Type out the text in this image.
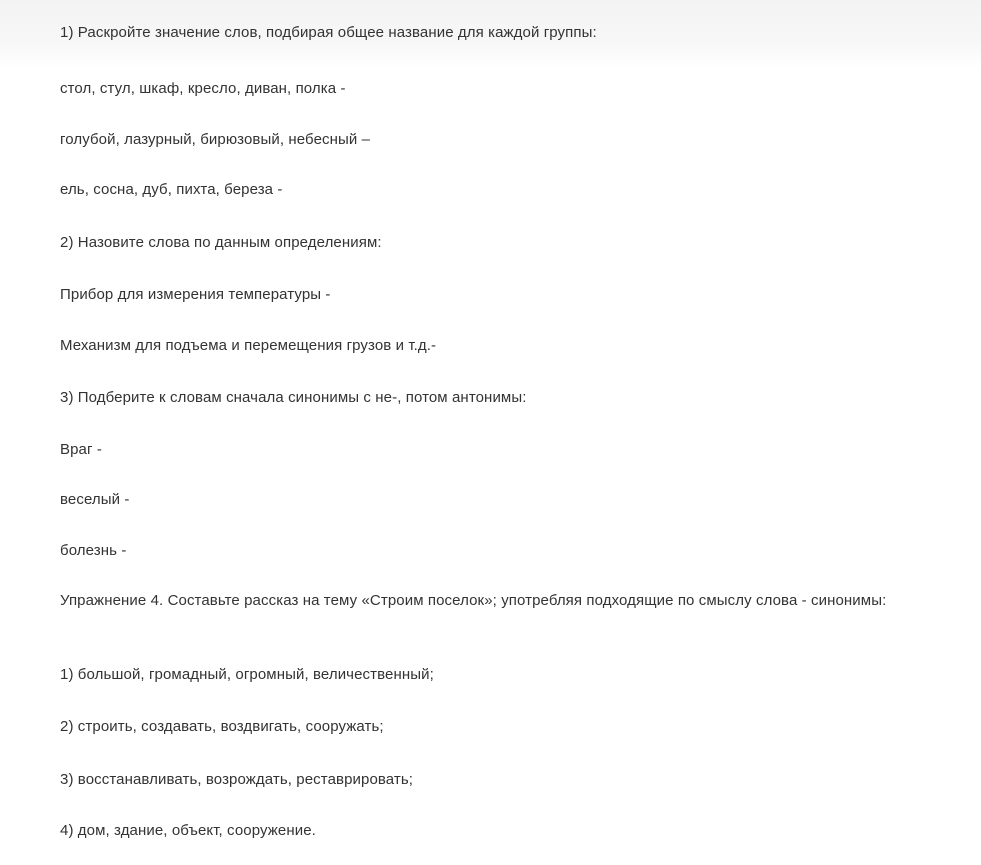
1) Раскройте значение слов, подбирая общее название для каждой группы:
стол, стул, шкаф, кресло, диван, полка -
голубой, лазурный, бирюзовый, небесный –
ель, сосна, дуб, пихта, береза -
2) Назовите слова по данным определениям:
Прибор для измерения температуры -
Механизм для подъема и перемещения грузов и т.д.-
3) Подберите к словам сначала синонимы с не-, потом антонимы:
Враг -
веселый -
болезнь -
Упражнение 4. Составьте рассказ на тему «Строим поселок»; употребляя подходящие по смыслу слова - синонимы:
1) большой, громадный, огромный, величественный;
2) строить, создавать, воздвигать, сооружать;
3) восстанавливать, возрождать, реставрировать;
4) дом, здание, объект, сооружение.
